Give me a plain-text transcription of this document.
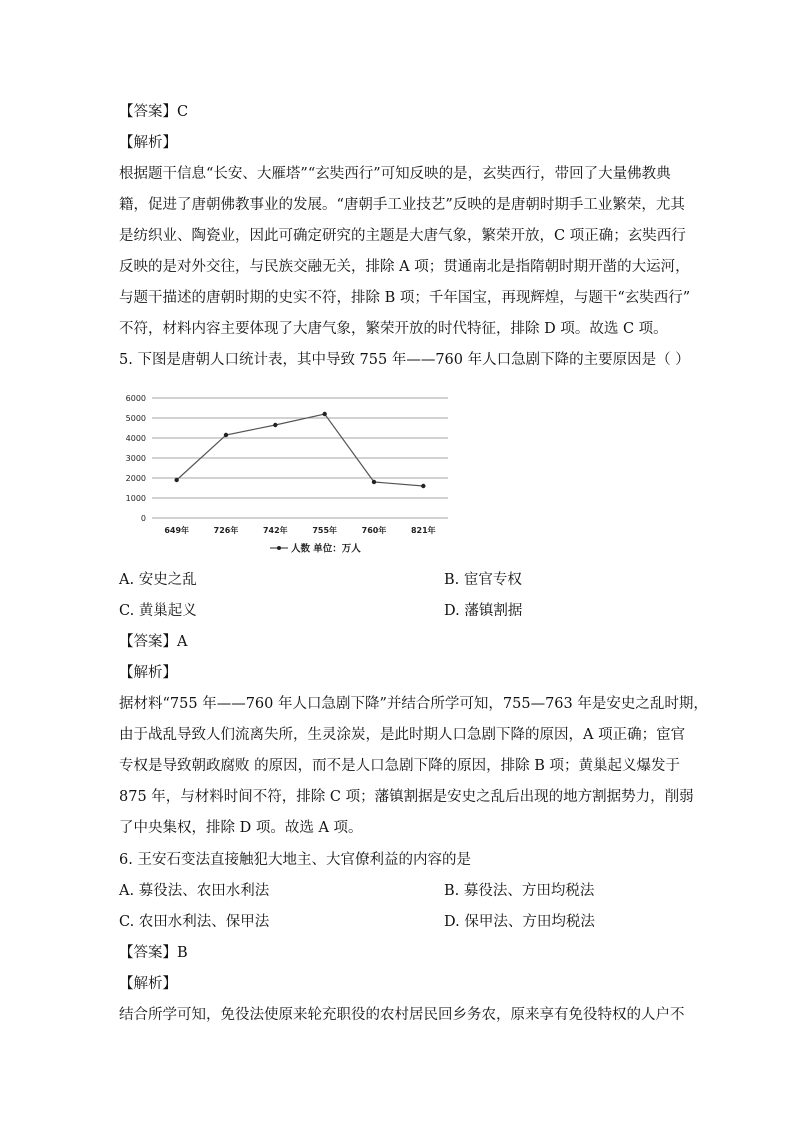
【答案】C
【解析】
根据题干信息“长安、大雁塔”“玄奘西行”可知反映的是，玄奘西行，带回了大量佛教典
籍，促进了唐朝佛教事业的发展。“唐朝手工业技艺”反映的是唐朝时期手工业繁荣，尤其
是纺织业、陶瓷业，因此可确定研究的主题是大唐气象，繁荣开放，C 项正确；玄奘西行
反映的是对外交往，与民族交融无关，排除 A 项；贯通南北是指隋朝时期开凿的大运河，
与题干描述的唐朝时期的史实不符，排除 B 项；千年国宝，再现辉煌，与题干“玄奘西行”
不符，材料内容主要体现了大唐气象，繁荣开放的时代特征，排除 D 项。故选 C 项。
5. 下图是唐朝人口统计表，其中导致 755 年——760 年人口急剧下降的主要原因是（ ）
0
1000
2000
3000
4000
5000
6000
649年	726年	742年	755年	760年	821年
人数 单位：万人
A. 安史之乱	B. 宦官专权
C. 黄巢起义	D. 藩镇割据
【答案】A
【解析】
据材料“755 年——760 年人口急剧下降”并结合所学可知，755—763 年是安史之乱时期，
由于战乱导致人们流离失所，生灵涂炭，是此时期人口急剧下降的原因，A 项正确；宦官
专权是导致朝政腐败 的原因，而不是人口急剧下降的原因，排除 B 项；黄巢起义爆发于
875 年，与材料时间不符，排除 C 项；藩镇割据是安史之乱后出现的地方割据势力，削弱
了中央集权，排除 D 项。故选 A 项。
6. 王安石变法直接触犯大地主、大官僚利益的内容的是
A. 募役法、农田水利法	B. 募役法、方田均税法
C. 农田水利法、保甲法	D. 保甲法、方田均税法
【答案】B
【解析】
结合所学可知，免役法使原来轮充职役的农村居民回乡务农，原来享有免役特权的人户不
